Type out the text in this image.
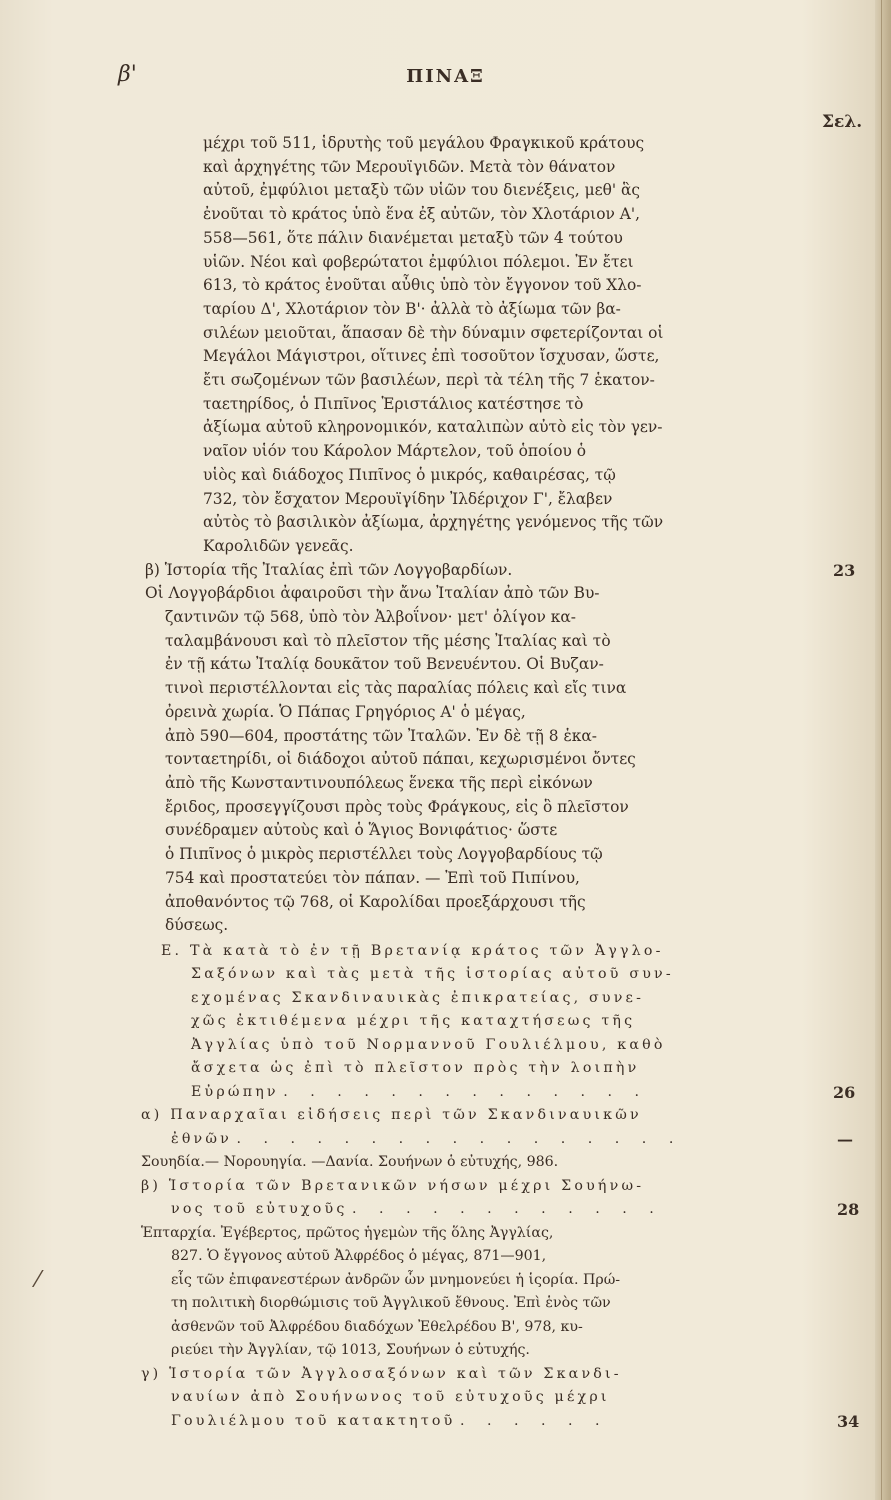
β'	ΠΙΝΑΞ
Σελ.
⁄
μέχρι τοῦ 511, ἱδρυτὴς τοῦ μεγάλου Φραγκικοῦ κράτους
καὶ ἀρχηγέτης τῶν Μερουϊγιδῶν. Μετὰ τὸν θάνατον
αὐτοῦ, ἐμφύλιοι μεταξὺ τῶν υἱῶν του διενέξεις, μεθ' ἃς
ἐνοῦται τὸ κράτος ὑπὸ ἕνα ἐξ αὐτῶν, τὸν Χλοτάριον Α',
558—561, ὅτε πάλιν διανέμεται μεταξὺ τῶν 4 τούτου
υἱῶν. Νέοι καὶ φοβερώτατοι ἐμφύλιοι πόλεμοι. Ἐν ἔτει
613, τὸ κράτος ἑνοῦται αὖθις ὑπὸ τὸν ἔγγονον τοῦ Χλο-
ταρίου Δ', Χλοτάριον τὸν Β'· ἀλλὰ τὸ ἀξίωμα τῶν βα-
σιλέων μειοῦται, ἅπασαν δὲ τὴν δύναμιν σφετερίζονται οἱ
Μεγάλοι Μάγιστροι, οἵτινες ἐπὶ τοσοῦτον ἴσχυσαν, ὥστε,
ἔτι σωζομένων τῶν βασιλέων, περὶ τὰ τέλη τῆς 7 ἑκατον-
ταετηρίδος, ὁ Πιπῖνος Ἑριστάλιος κατέστησε τὸ
ἀξίωμα αὐτοῦ κληρονομικόν, καταλιπὼν αὐτὸ εἰς τὸν γεν-
ναῖον υἱόν του Κάρολον Μάρτελον, τοῦ ὁποίου ὁ
υἱὸς καὶ διάδοχος Πιπῖνος ὁ μικρός, καθαιρέσας, τῷ
732, τὸν ἔσχατον Μερουϊγίδην Ἰλδέριχον Γ', ἔλαβεν
αὐτὸς τὸ βασιλικὸν ἀξίωμα, ἀρχηγέτης γενόμενος τῆς τῶν
Καρολιδῶν γενεᾶς.
β) Ἱστορία τῆς Ἰταλίας ἐπὶ τῶν Λογγοβαρδίων.	23
Οἱ Λογγοβάρδιοι ἀφαιροῦσι τὴν ἄνω Ἰταλίαν ἀπὸ τῶν Βυ-
ζαντινῶν τῷ 568, ὑπὸ τὸν Ἀλβοΐνον· μετ' ὀλίγον κα-
ταλαμβάνουσι καὶ τὸ πλεῖστον τῆς μέσης Ἰταλίας καὶ τὸ
ἐν τῇ κάτω Ἰταλίᾳ δουκᾶτον τοῦ Βενευέντου. Οἱ Βυζαν-
τινοὶ περιστέλλονται εἰς τὰς παραλίας πόλεις καὶ εἴς τινα
ὀρεινὰ χωρία. Ὁ Πάπας Γρηγόριος Α' ὁ μέγας,
ἀπὸ 590—604, προστάτης τῶν Ἰταλῶν. Ἐν δὲ τῇ 8 ἑκα-
τονταετηρίδι, οἱ διάδοχοι αὐτοῦ πάπαι, κεχωρισμένοι ὄντες
ἀπὸ τῆς Κωνσταντινουπόλεως ἕνεκα τῆς περὶ εἰκόνων
ἔριδος, προσεγγίζουσι πρὸς τοὺς Φράγκους, εἰς ὃ πλεῖστον
συνέδραμεν αὐτοὺς καὶ ὁ Ἅγιος Βονιφάτιος· ὥστε
ὁ Πιπῖνος ὁ μικρὸς περιστέλλει τοὺς Λογγοβαρδίους τῷ
754 καὶ προστατεύει τὸν πάπαν. — Ἐπὶ τοῦ Πιπίνου,
ἀποθανόντος τῷ 768, οἱ Καρολίδαι προεξάρχουσι τῆς
δύσεως.
Ε. Τὰ κατὰ τὸ ἐν τῇ Βρετανίᾳ κράτος τῶν Ἀγγλο-
Σαξόνων καὶ τὰς μετὰ τῆς ἱστορίας αὐτοῦ συν-
εχομένας Σκανδιναυικὰς ἐπικρατείας, συνε-
χῶς ἐκτιθέμενα μέχρι τῆς καταχτήσεως τῆς
Ἀγγλίας ὑπὸ τοῦ Νορμαννοῦ Γουλιέλμου, καθὸ
ἄσχετα ὡς ἐπὶ τὸ πλεῖστον πρὸς τὴν λοιπὴν
Εὐρώπην . . . . . . . . . . . . . .	26
α) Παναρχαῖαι εἰδήσεις περὶ τῶν Σκανδιναυικῶν
ἐθνῶν . . . . . . . . . . . . . . . . .	—
Σουηδία.— Νορουηγία. —Δανία. Σουήνων ὁ εὐτυχής, 986.
β) Ἱστορία τῶν Βρετανικῶν νήσων μέχρι Σουήνω-
νος τοῦ εὐτυχοῦς . . . . . . . . . . . .	28
Ἑπταρχία. Ἐγέβερτος, πρῶτος ἡγεμὼν τῆς ὅλης Ἀγγλίας,
827. Ὁ ἔγγονος αὐτοῦ Ἀλφρέδος ὁ μέγας, 871—901,
εἷς τῶν ἐπιφανεστέρων ἀνδρῶν ὧν μνημονεύει ἡ ἱςορία. Πρώ-
τη πολιτικὴ διορθώμισις τοῦ Ἀγγλικοῦ ἔθνους. Ἐπὶ ἑνὸς τῶν
ἀσθενῶν τοῦ Ἀλφρέδου διαδόχων Ἐθελρέδου Β', 978, κυ-
ριεύει τὴν Ἀγγλίαν, τῷ 1013, Σουήνων ὁ εὐτυχής.
γ) Ἱστορία τῶν Ἀγγλοσαξόνων καὶ τῶν Σκανδι-
ναυίων ἀπὸ Σουήνωνος τοῦ εὐτυχοῦς μέχρι
Γουλιέλμου τοῦ κατακτητοῦ . . . . . .	34
